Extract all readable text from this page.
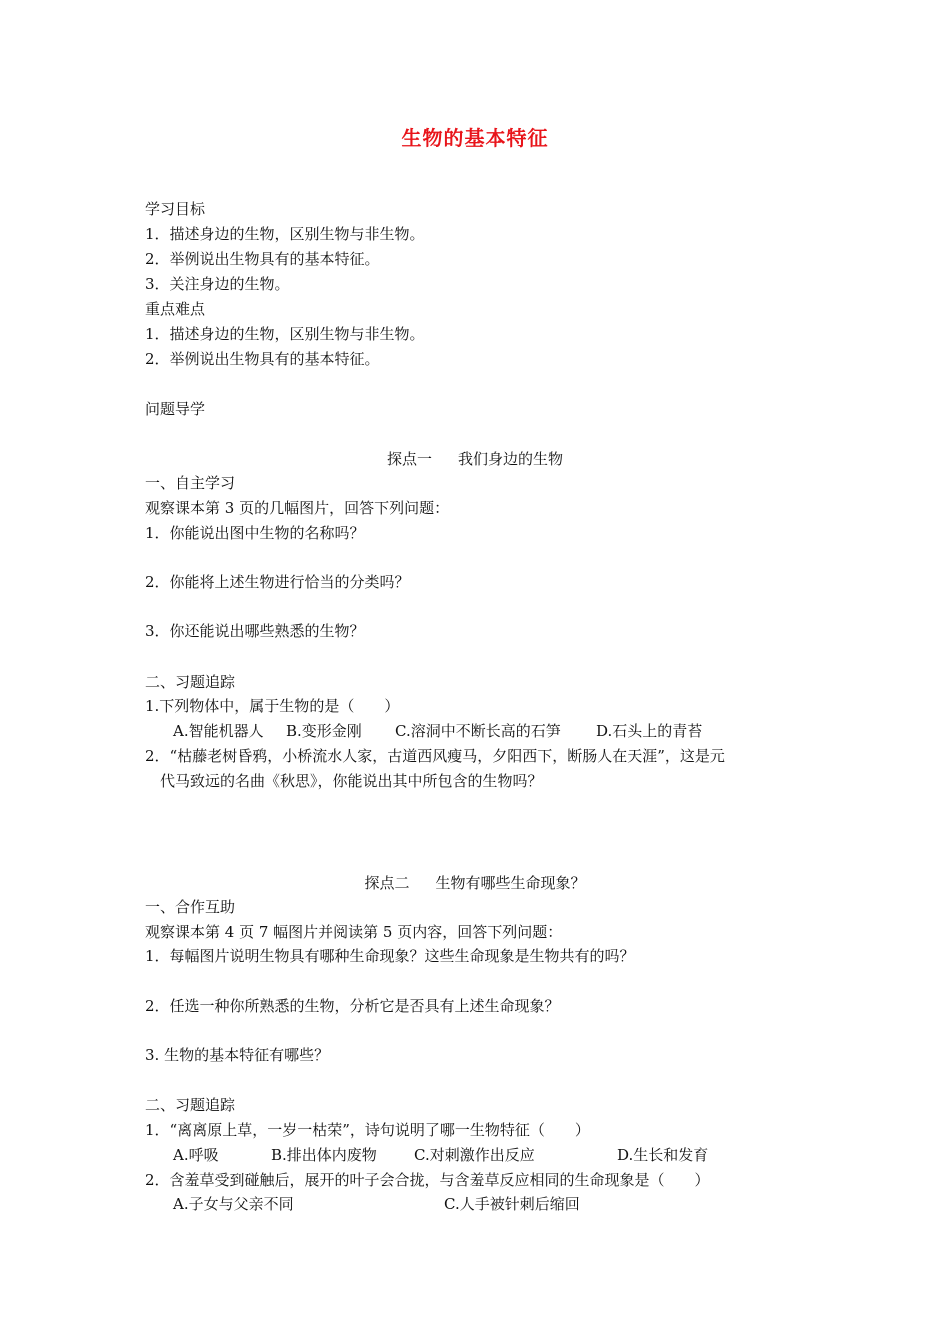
生物的基本特征
学习目标
1．描述身边的生物，区别生物与非生物。
2．举例说出生物具有的基本特征。
3．关注身边的生物。
重点难点
1．描述身边的生物，区别生物与非生物。
2．举例说出生物具有的基本特征。
问题导学
探点一 我们身边的生物
一、自主学习
观察课本第 3 页的几幅图片，回答下列问题：
1．你能说出图中生物的名称吗？
2．你能将上述生物进行恰当的分类吗？
3．你还能说出哪些熟悉的生物？
二、习题追踪
1.下列物体中，属于生物的是（　　）
A.智能机器人 B.变形金刚 C.溶洞中不断长高的石笋 D.石头上的青苔
2．“枯藤老树昏鸦，小桥流水人家，古道西风瘦马，夕阳西下，断肠人在天涯”，这是元
代马致远的名曲《秋思》，你能说出其中所包含的生物吗？
探点二 生物有哪些生命现象？
一、合作互助
观察课本第 4 页 7 幅图片并阅读第 5 页内容，回答下列问题：
1．每幅图片说明生物具有哪种生命现象？这些生命现象是生物共有的吗？
2．任选一种你所熟悉的生物，分析它是否具有上述生命现象？
3. 生物的基本特征有哪些？
二、习题追踪
1．“离离原上草，一岁一枯荣”，诗句说明了哪一生物特征（　　）
A.呼吸	B.排出体内废物 C.对刺激作出反应	D.生长和发育
2．含羞草受到碰触后，展开的叶子会合拢，与含羞草反应相同的生命现象是（　　）
A.子女与父亲不同	C.人手被针刺后缩回
